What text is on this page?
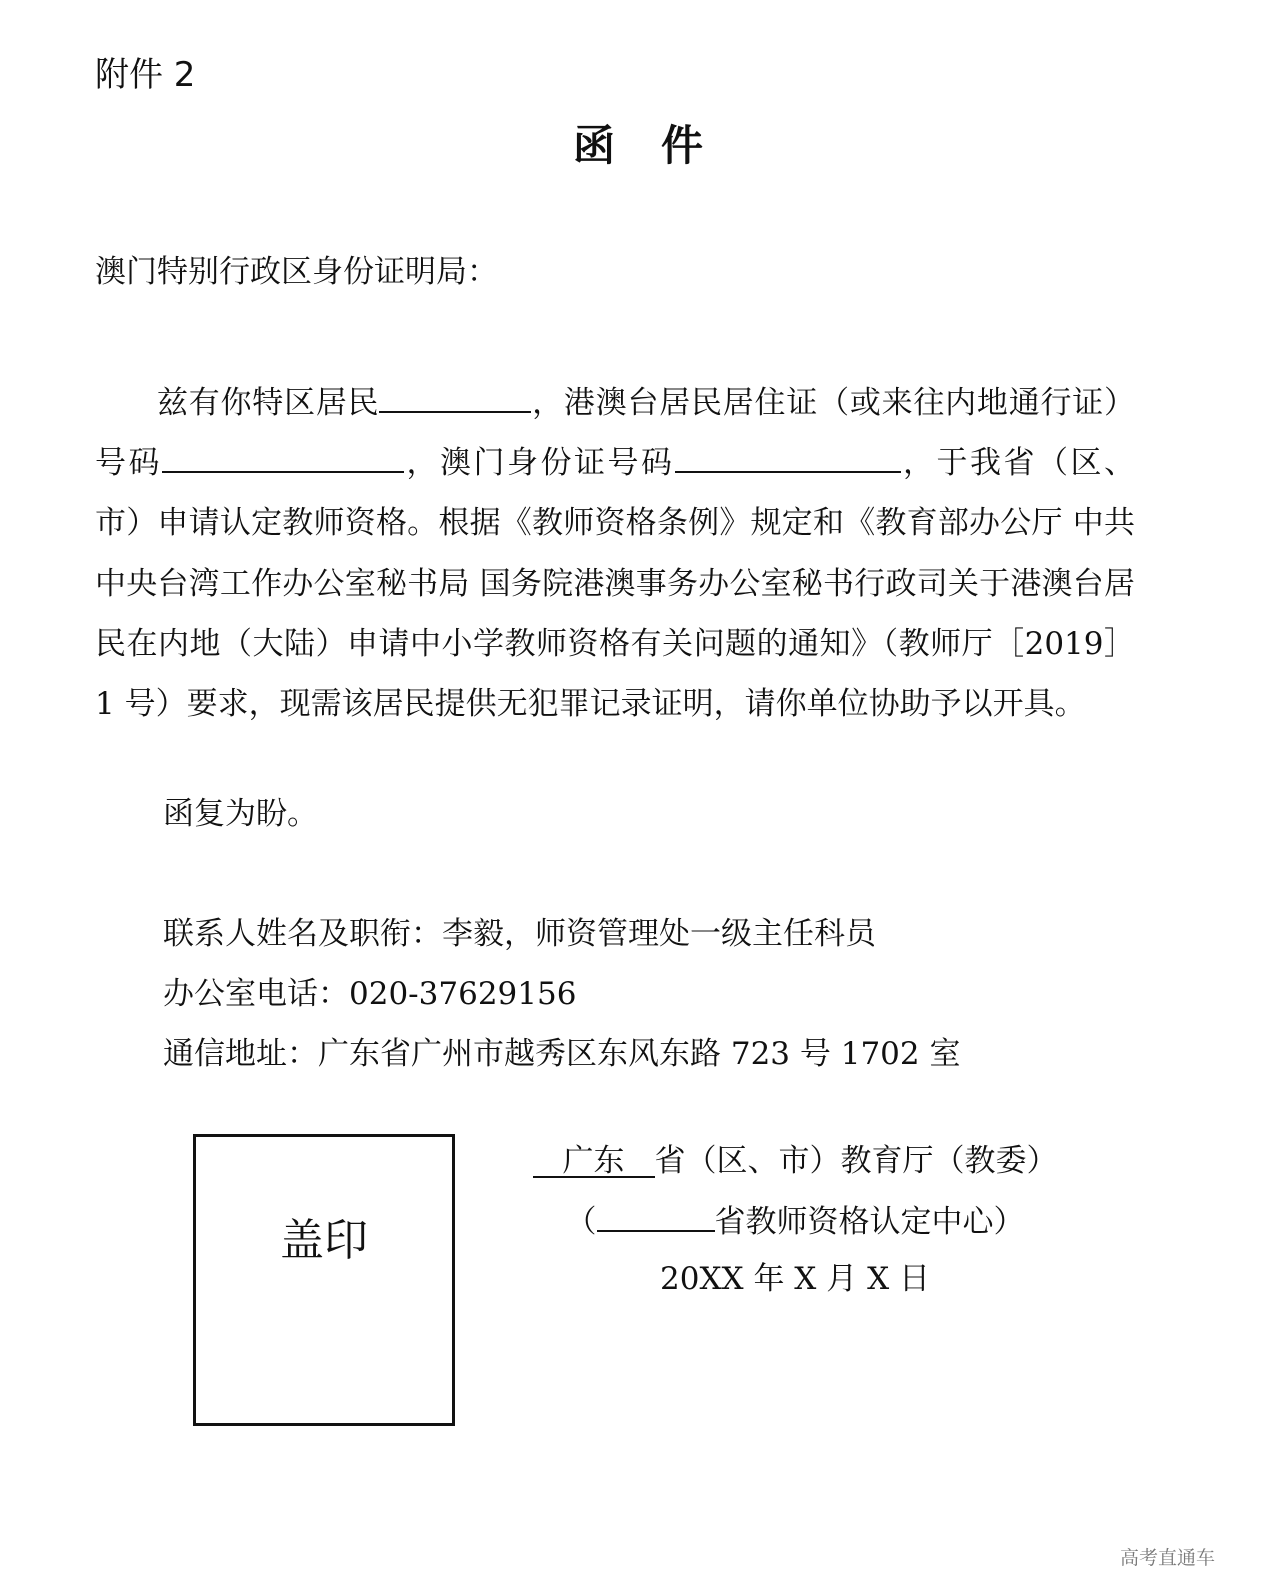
附件 2
函 件
澳门特别行政区身份证明局：
兹有你特区居民	，港澳台居民居住证（或来往内地通行证）号码	，澳门身份证号码	，于我省（区、市）申请认定教师资格。根据《教师资格条例》规定和《教育部办公厅 中共中央台湾工作办公室秘书局 国务院港澳事务办公室秘书行政司关于港澳台居民在内地（大陆）申请中小学教师资格有关问题的通知》（教师厅［2019］1 号）要求，现需该居民提供无犯罪记录证明，请你单位协助予以开具。
函复为盼。
联系人姓名及职衔：李毅，师资管理处一级主任科员
办公室电话：020-37629156
通信地址：广东省广州市越秀区东风东路 723 号 1702 室
盖印
广东 省（区、市）教育厅（教委）
（	省教师资格认定中心）
20XX 年 X 月 X 日
高考直通车
